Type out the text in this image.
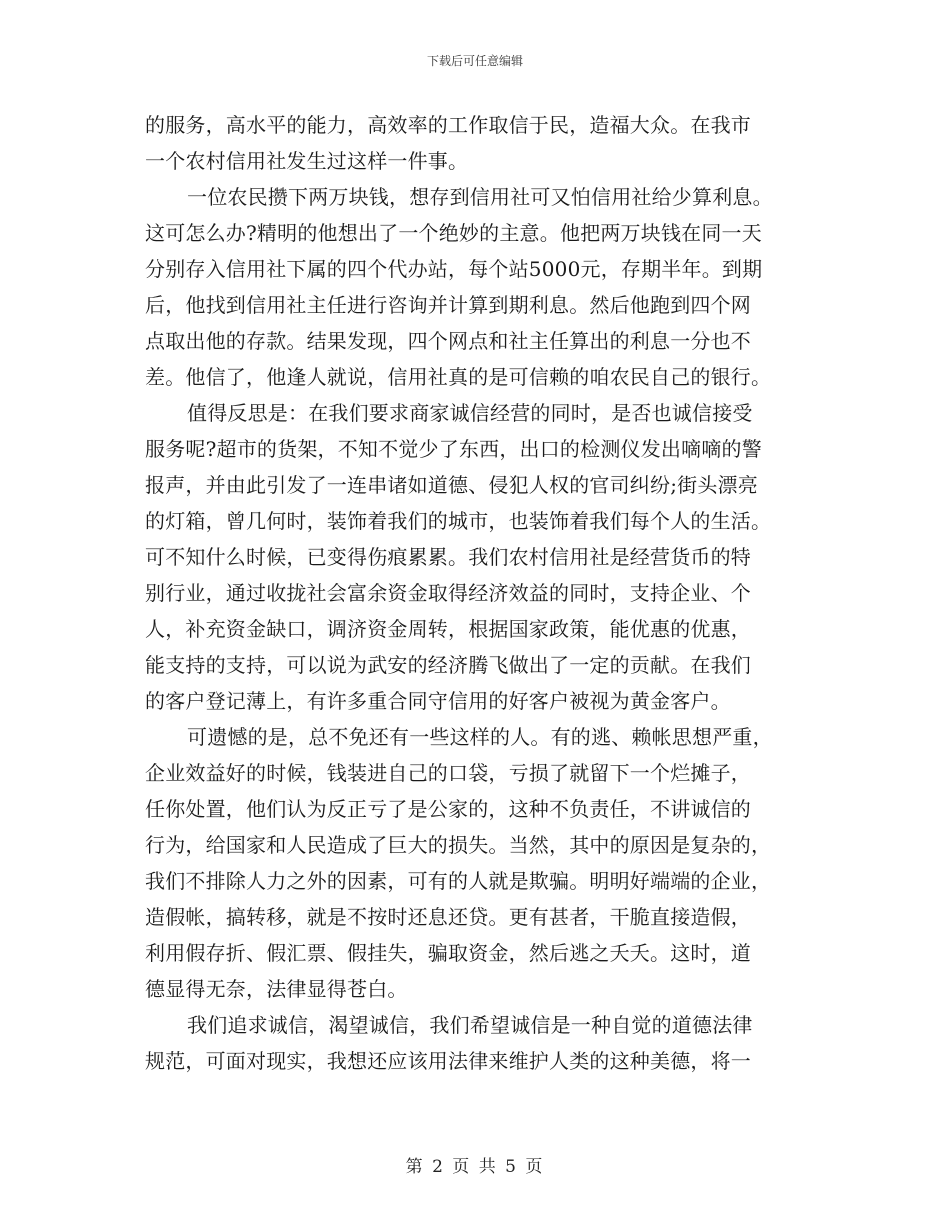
下载后可任意编辑
的服务，高水平的能力，高效率的工作取信于民，造福大众。在我市
一个农村信用社发生过这样一件事。
一位农民攒下两万块钱，想存到信用社可又怕信用社给少算利息。
这可怎么办?精明的他想出了一个绝妙的主意。他把两万块钱在同一天
分别存入信用社下属的四个代办站，每个站5000元，存期半年。到期
后，他找到信用社主任进行咨询并计算到期利息。然后他跑到四个网
点取出他的存款。结果发现，四个网点和社主任算出的利息一分也不
差。他信了，他逢人就说，信用社真的是可信赖的咱农民自己的银行。
值得反思是：在我们要求商家诚信经营的同时，是否也诚信接受
服务呢?超市的货架，不知不觉少了东西，出口的检测仪发出嘀嘀的警
报声，并由此引发了一连串诸如道德、侵犯人权的官司纠纷;街头漂亮
的灯箱，曾几何时，装饰着我们的城市，也装饰着我们每个人的生活。
可不知什么时候，已变得伤痕累累。我们农村信用社是经营货币的特
别行业，通过收拢社会富余资金取得经济效益的同时，支持企业、个
人，补充资金缺口，调济资金周转，根据国家政策，能优惠的优惠，
能支持的支持，可以说为武安的经济腾飞做出了一定的贡献。在我们
的客户登记薄上，有许多重合同守信用的好客户被视为黄金客户。
可遗憾的是，总不免还有一些这样的人。有的逃、赖帐思想严重，
企业效益好的时候，钱装进自己的口袋，亏损了就留下一个烂摊子，
任你处置，他们认为反正亏了是公家的，这种不负责任，不讲诚信的
行为，给国家和人民造成了巨大的损失。当然，其中的原因是复杂的，
我们不排除人力之外的因素，可有的人就是欺骗。明明好端端的企业，
造假帐，搞转移，就是不按时还息还贷。更有甚者，干脆直接造假，
利用假存折、假汇票、假挂失，骗取资金，然后逃之夭夭。这时，道
德显得无奈，法律显得苍白。
我们追求诚信，渴望诚信，我们希望诚信是一种自觉的道德法律
规范，可面对现实，我想还应该用法律来维护人类的这种美德，将一
第 2 页 共 5 页
